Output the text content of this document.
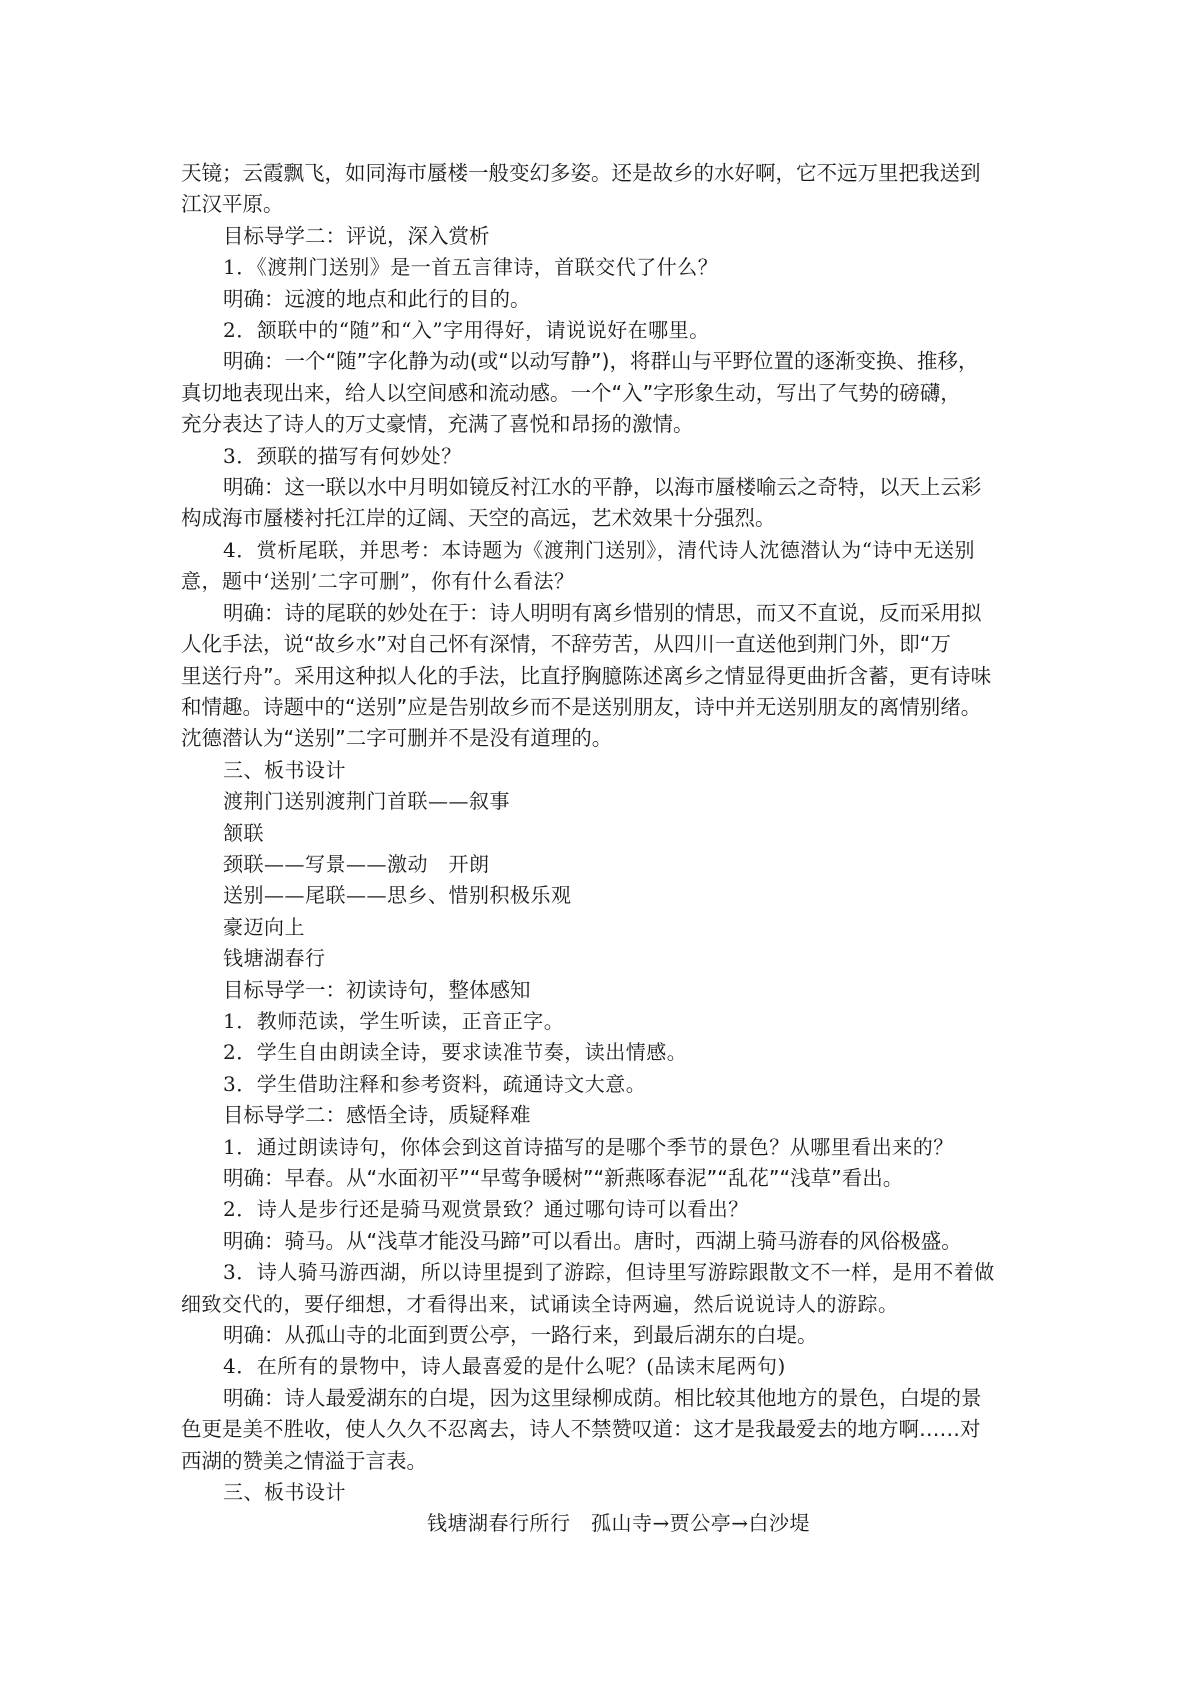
天镜；云霞飘飞，如同海市蜃楼一般变幻多姿。还是故乡的水好啊，它不远万里把我送到
江汉平原。
目标导学二：评说，深入赏析
1．《渡荆门送别》是一首五言律诗，首联交代了什么？
明确：远渡的地点和此行的目的。
2．颔联中的“随”和“入”字用得好，请说说好在哪里。
明确：一个“随”字化静为动(或“以动写静”)，将群山与平野位置的逐渐变换、推移，
真切地表现出来，给人以空间感和流动感。一个“入”字形象生动，写出了气势的磅礴，
充分表达了诗人的万丈豪情，充满了喜悦和昂扬的激情。
3．颈联的描写有何妙处？
明确：这一联以水中月明如镜反衬江水的平静，以海市蜃楼喻云之奇特，以天上云彩
构成海市蜃楼衬托江岸的辽阔、天空的高远，艺术效果十分强烈。
4．赏析尾联，并思考：本诗题为《渡荆门送别》，清代诗人沈德潜认为“诗中无送别
意，题中‘送别’二字可删”，你有什么看法？
明确：诗的尾联的妙处在于：诗人明明有离乡惜别的情思，而又不直说，反而采用拟
人化手法，说“故乡水”对自己怀有深情，不辞劳苦，从四川一直送他到荆门外，即“万
里送行舟”。采用这种拟人化的手法，比直抒胸臆陈述离乡之情显得更曲折含蓄，更有诗味
和情趣。诗题中的“送别”应是告别故乡而不是送别朋友，诗中并无送别朋友的离情别绪。
沈德潜认为“送别”二字可删并不是没有道理的。
三、板书设计
渡荆门送别渡荆门首联——叙事
颔联
颈联——写景——激动　开朗
送别——尾联——思乡、惜别积极乐观
豪迈向上
钱塘湖春行
目标导学一：初读诗句，整体感知
1．教师范读，学生听读，正音正字。
2．学生自由朗读全诗，要求读准节奏，读出情感。
3．学生借助注释和参考资料，疏通诗文大意。
目标导学二：感悟全诗，质疑释难
1．通过朗读诗句，你体会到这首诗描写的是哪个季节的景色？从哪里看出来的？
明确：早春。从“水面初平”“早莺争暖树”“新燕啄春泥”“乱花”“浅草”看出。
2．诗人是步行还是骑马观赏景致？通过哪句诗可以看出？
明确：骑马。从“浅草才能没马蹄”可以看出。唐时，西湖上骑马游春的风俗极盛。
3．诗人骑马游西湖，所以诗里提到了游踪，但诗里写游踪跟散文不一样，是用不着做
细致交代的，要仔细想，才看得出来，试诵读全诗两遍，然后说说诗人的游踪。
明确：从孤山寺的北面到贾公亭，一路行来，到最后湖东的白堤。
4．在所有的景物中，诗人最喜爱的是什么呢？(品读末尾两句)
明确：诗人最爱湖东的白堤，因为这里绿柳成荫。相比较其他地方的景色，白堤的景
色更是美不胜收，使人久久不忍离去，诗人不禁赞叹道：这才是我最爱去的地方啊……对
西湖的赞美之情溢于言表。
三、板书设计
钱塘湖春行所行　孤山寺→贾公亭→白沙堤
